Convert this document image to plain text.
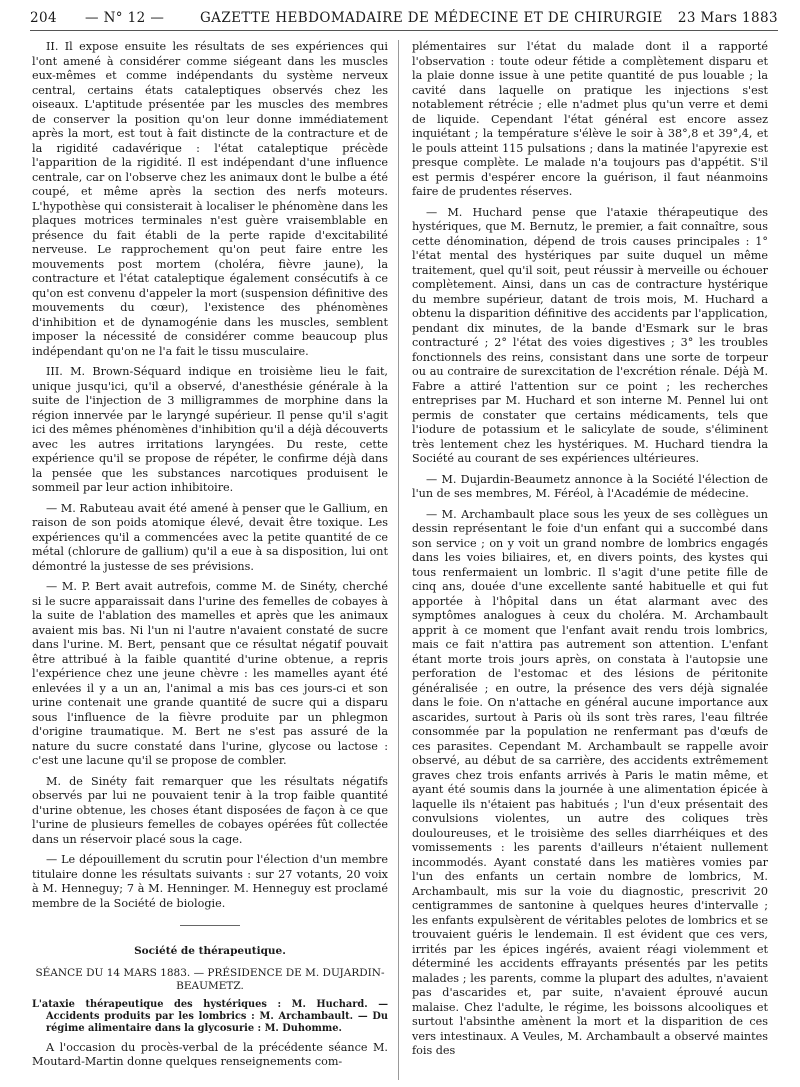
204 — N° 12 —	GAZETTE HEBDOMADAIRE DE MÉDECINE ET DE CHIRURGIE 23 Mars 1883

II. Il expose ensuite les résultats de ses expériences qui l'ont amené à considérer comme siégeant dans les muscles eux-mêmes et comme indépendants du système nerveux central, certains états cataleptiques observés chez les oiseaux. L'aptitude présentée par les muscles des membres de conserver la position qu'on leur donne immédiatement après la mort, est tout à fait distincte de la contracture et de la rigidité cadavérique : l'état cataleptique précède l'apparition de la rigidité. Il est indépendant d'une influence centrale, car on l'observe chez les animaux dont le bulbe a été coupé, et même après la section des nerfs moteurs. L'hypothèse qui consisterait à localiser le phénomène dans les plaques motrices terminales n'est guère vraisemblable en présence du fait établi de la perte rapide d'excitabilité nerveuse. Le rapprochement qu'on peut faire entre les mouvements post mortem (choléra, fièvre jaune), la contracture et l'état cataleptique également consécutifs à ce qu'on est convenu d'appeler la mort (suspension définitive des mouvements du cœur), l'existence des phénomènes d'inhibition et de dynamogénie dans les muscles, semblent imposer la nécessité de considérer comme beaucoup plus indépendant qu'on ne l'a fait le tissu musculaire.

III. M. Brown-Séquard indique en troisième lieu le fait, unique jusqu'ici, qu'il a observé, d'anesthésie générale à la suite de l'injection de 3 milligrammes de morphine dans la région innervée par le laryngé supérieur. Il pense qu'il s'agit ici des mêmes phénomènes d'inhibition qu'il a déjà découverts avec les autres irritations laryngées. Du reste, cette expérience qu'il se propose de répéter, le confirme déjà dans la pensée que les substances narcotiques produisent le sommeil par leur action inhibitoire.

— M. Rabuteau avait été amené à penser que le Gallium, en raison de son poids atomique élevé, devait être toxique. Les expériences qu'il a commencées avec la petite quantité de ce métal (chlorure de gallium) qu'il a eue à sa disposition, lui ont démontré la justesse de ses prévisions.

— M. P. Bert avait autrefois, comme M. de Sinéty, cherché si le sucre apparaissait dans l'urine des femelles de cobayes à la suite de l'ablation des mamelles et après que les animaux avaient mis bas. Ni l'un ni l'autre n'avaient constaté de sucre dans l'urine. M. Bert, pensant que ce résultat négatif pouvait être attribué à la faible quantité d'urine obtenue, a repris l'expérience chez une jeune chèvre : les mamelles ayant été enlevées il y a un an, l'animal a mis bas ces jours-ci et son urine contenait une grande quantité de sucre qui a disparu sous l'influence de la fièvre produite par un phlegmon d'origine traumatique. M. Bert ne s'est pas assuré de la nature du sucre constaté dans l'urine, glycose ou lactose : c'est une lacune qu'il se propose de combler.

M. de Sinéty fait remarquer que les résultats négatifs observés par lui ne pouvaient tenir à la trop faible quantité d'urine obtenue, les choses étant disposées de façon à ce que l'urine de plusieurs femelles de cobayes opérées fût collectée dans un réservoir placé sous la cage.

— Le dépouillement du scrutin pour l'élection d'un membre titulaire donne les résultats suivants : sur 27 votants, 20 voix à M. Henneguy; 7 à M. Henninger. M. Henneguy est proclamé membre de la Société de biologie.

Société de thérapeutique.

SÉANCE DU 14 MARS 1883. — PRÉSIDENCE DE M. DUJARDIN-BEAUMETZ.

L'ataxie thérapeutique des hystériques : M. Huchard. — Accidents produits par les lombrics : M. Archambault. — Du régime alimentaire dans la glycosurie : M. Duhomme.

A l'occasion du procès-verbal de la précédente séance M. Moutard-Martin donne quelques renseignements com-

plémentaires sur l'état du malade dont il a rapporté l'observation : toute odeur fétide a complètement disparu et la plaie donne issue à une petite quantité de pus louable ; la cavité dans laquelle on pratique les injections s'est notablement rétrécie ; elle n'admet plus qu'un verre et demi de liquide. Cependant l'état général est encore assez inquiétant ; la température s'élève le soir à 38°,8 et 39°,4, et le pouls atteint 115 pulsations ; dans la matinée l'apyrexie est presque complète. Le malade n'a toujours pas d'appétit. S'il est permis d'espérer encore la guérison, il faut néanmoins faire de prudentes réserves.

— M. Huchard pense que l'ataxie thérapeutique des hystériques, que M. Bernutz, le premier, a fait connaître, sous cette dénomination, dépend de trois causes principales : 1° l'état mental des hystériques par suite duquel un même traitement, quel qu'il soit, peut réussir à merveille ou échouer complètement. Ainsi, dans un cas de contracture hystérique du membre supérieur, datant de trois mois, M. Huchard a obtenu la disparition définitive des accidents par l'application, pendant dix minutes, de la bande d'Esmark sur le bras contracturé ; 2° l'état des voies digestives ; 3° les troubles fonctionnels des reins, consistant dans une sorte de torpeur ou au contraire de surexcitation de l'excrétion rénale. Déjà M. Fabre a attiré l'attention sur ce point ; les recherches entreprises par M. Huchard et son interne M. Pennel lui ont permis de constater que certains médicaments, tels que l'iodure de potassium et le salicylate de soude, s'éliminent très lentement chez les hystériques. M. Huchard tiendra la Société au courant de ses expériences ultérieures.

— M. Dujardin-Beaumetz annonce à la Société l'élection de l'un de ses membres, M. Féréol, à l'Académie de médecine.

— M. Archambault place sous les yeux de ses collègues un dessin représentant le foie d'un enfant qui a succombé dans son service ; on y voit un grand nombre de lombrics engagés dans les voies biliaires, et, en divers points, des kystes qui tous renfermaient un lombric. Il s'agit d'une petite fille de cinq ans, douée d'une excellente santé habituelle et qui fut apportée à l'hôpital dans un état alarmant avec des symptômes analogues à ceux du choléra. M. Archambault apprit à ce moment que l'enfant avait rendu trois lombrics, mais ce fait n'attira pas autrement son attention. L'enfant étant morte trois jours après, on constata à l'autopsie une perforation de l'estomac et des lésions de péritonite généralisée ; en outre, la présence des vers déjà signalée dans le foie. On n'attache en général aucune importance aux ascarides, surtout à Paris où ils sont très rares, l'eau filtrée consommée par la population ne renfermant pas d'œufs de ces parasites. Cependant M. Archambault se rappelle avoir observé, au début de sa carrière, des accidents extrêmement graves chez trois enfants arrivés à Paris le matin même, et ayant été soumis dans la journée à une alimentation épicée à laquelle ils n'étaient pas habitués ; l'un d'eux présentait des convulsions violentes, un autre des coliques très douloureuses, et le troisième des selles diarrhéiques et des vomissements : les parents d'ailleurs n'étaient nullement incommodés. Ayant constaté dans les matières vomies par l'un des enfants un certain nombre de lombrics, M. Archambault, mis sur la voie du diagnostic, prescrivit 20 centigrammes de santonine à quelques heures d'intervalle ; les enfants expulsèrent de véritables pelotes de lombrics et se trouvaient guéris le lendemain. Il est évident que ces vers, irrités par les épices ingérés, avaient réagi violemment et déterminé les accidents effrayants présentés par les petits malades ; les parents, comme la plupart des adultes, n'avaient pas d'ascarides et, par suite, n'avaient éprouvé aucun malaise. Chez l'adulte, le régime, les boissons alcooliques et surtout l'absinthe amènent la mort et la disparition de ces vers intestinaux. A Veules, M. Archambault a observé maintes fois des
